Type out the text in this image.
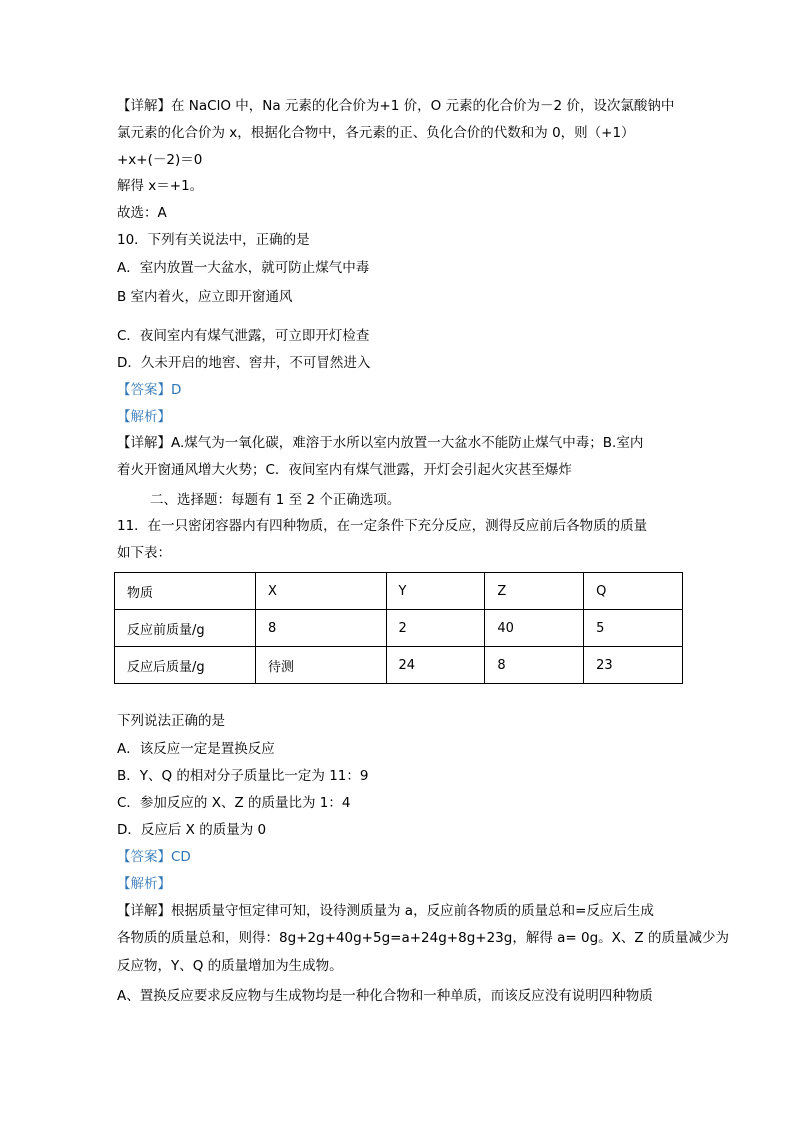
【详解】在 NaClO 中，Na 元素的化合价为+1 价，O 元素的化合价为－2 价，设次氯酸钠中
氯元素的化合价为 x，根据化合物中，各元素的正、负化合价的代数和为 0，则（+1）
+x+(－2)＝0
解得 x＝+1。
故选：A
10．下列有关说法中，正确的是
A．室内放置一大盆水，就可防止煤气中毒
B 室内着火，应立即开窗通风
C．夜间室内有煤气泄露，可立即开灯检查
D．久未开启的地窖、窖井，不可冒然进入
【答案】D
【解析】
【详解】A.煤气为一氧化碳，难溶于水所以室内放置一大盆水不能防止煤气中毒；B.室内
着火开窗通风增大火势；C．夜间室内有煤气泄露，开灯会引起火灾甚至爆炸
二、选择题：每题有 1 至 2 个正确选项。
11．在一只密闭容器内有四种物质，在一定条件下充分反应，测得反应前后各物质的质量
如下表：
物质	X	Y	Z	Q
反应前质量/g	8	2	40	5
反应后质量/g	待测	24	8	23
下列说法正确的是
A．该反应一定是置换反应
B．Y、Q 的相对分子质量比一定为 11：9
C．参加反应的 X、Z 的质量比为 1：4
D．反应后 X 的质量为 0
【答案】CD
【解析】
【详解】根据质量守恒定律可知，设待测质量为 a，反应前各物质的质量总和=反应后生成
各物质的质量总和，则得：8g+2g+40g+5g=a+24g+8g+23g，解得 a= 0g。X、Z 的质量减少为
反应物，Y、Q 的质量增加为生成物。
A、置换反应要求反应物与生成物均是一种化合物和一种单质，而该反应没有说明四种物质
